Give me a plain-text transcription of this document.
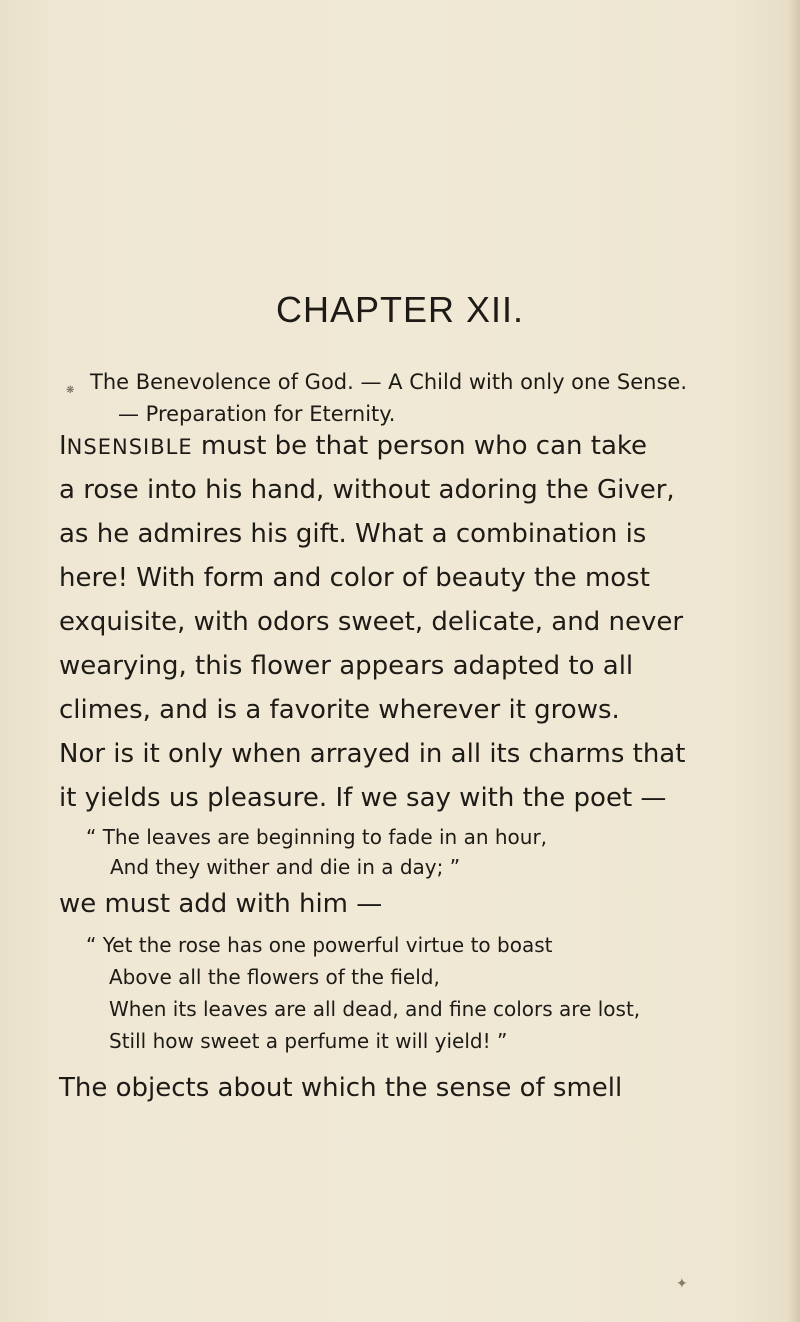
CHAPTER XII.
❋ The Benevolence of God. — A Child with only one Sense.

— Preparation for Eternity.

INSENSIBLE must be that person who can take

a rose into his hand, without adoring the Giver,

as he admires his gift. What a combination is

here! With form and color of beauty the most

exquisite, with odors sweet, delicate, and never

wearying, this flower appears adapted to all

climes, and is a favorite wherever it grows.

Nor is it only when arrayed in all its charms that

it yields us pleasure. If we say with the poet —

“ The leaves are beginning to fade in an hour,

And they wither and die in a day; ”

we must add with him —

“ Yet the rose has one powerful virtue to boast

Above all the flowers of the field,

When its leaves are all dead, and fine colors are lost,

Still how sweet a perfume it will yield! ”

The objects about which the sense of smell

✦
